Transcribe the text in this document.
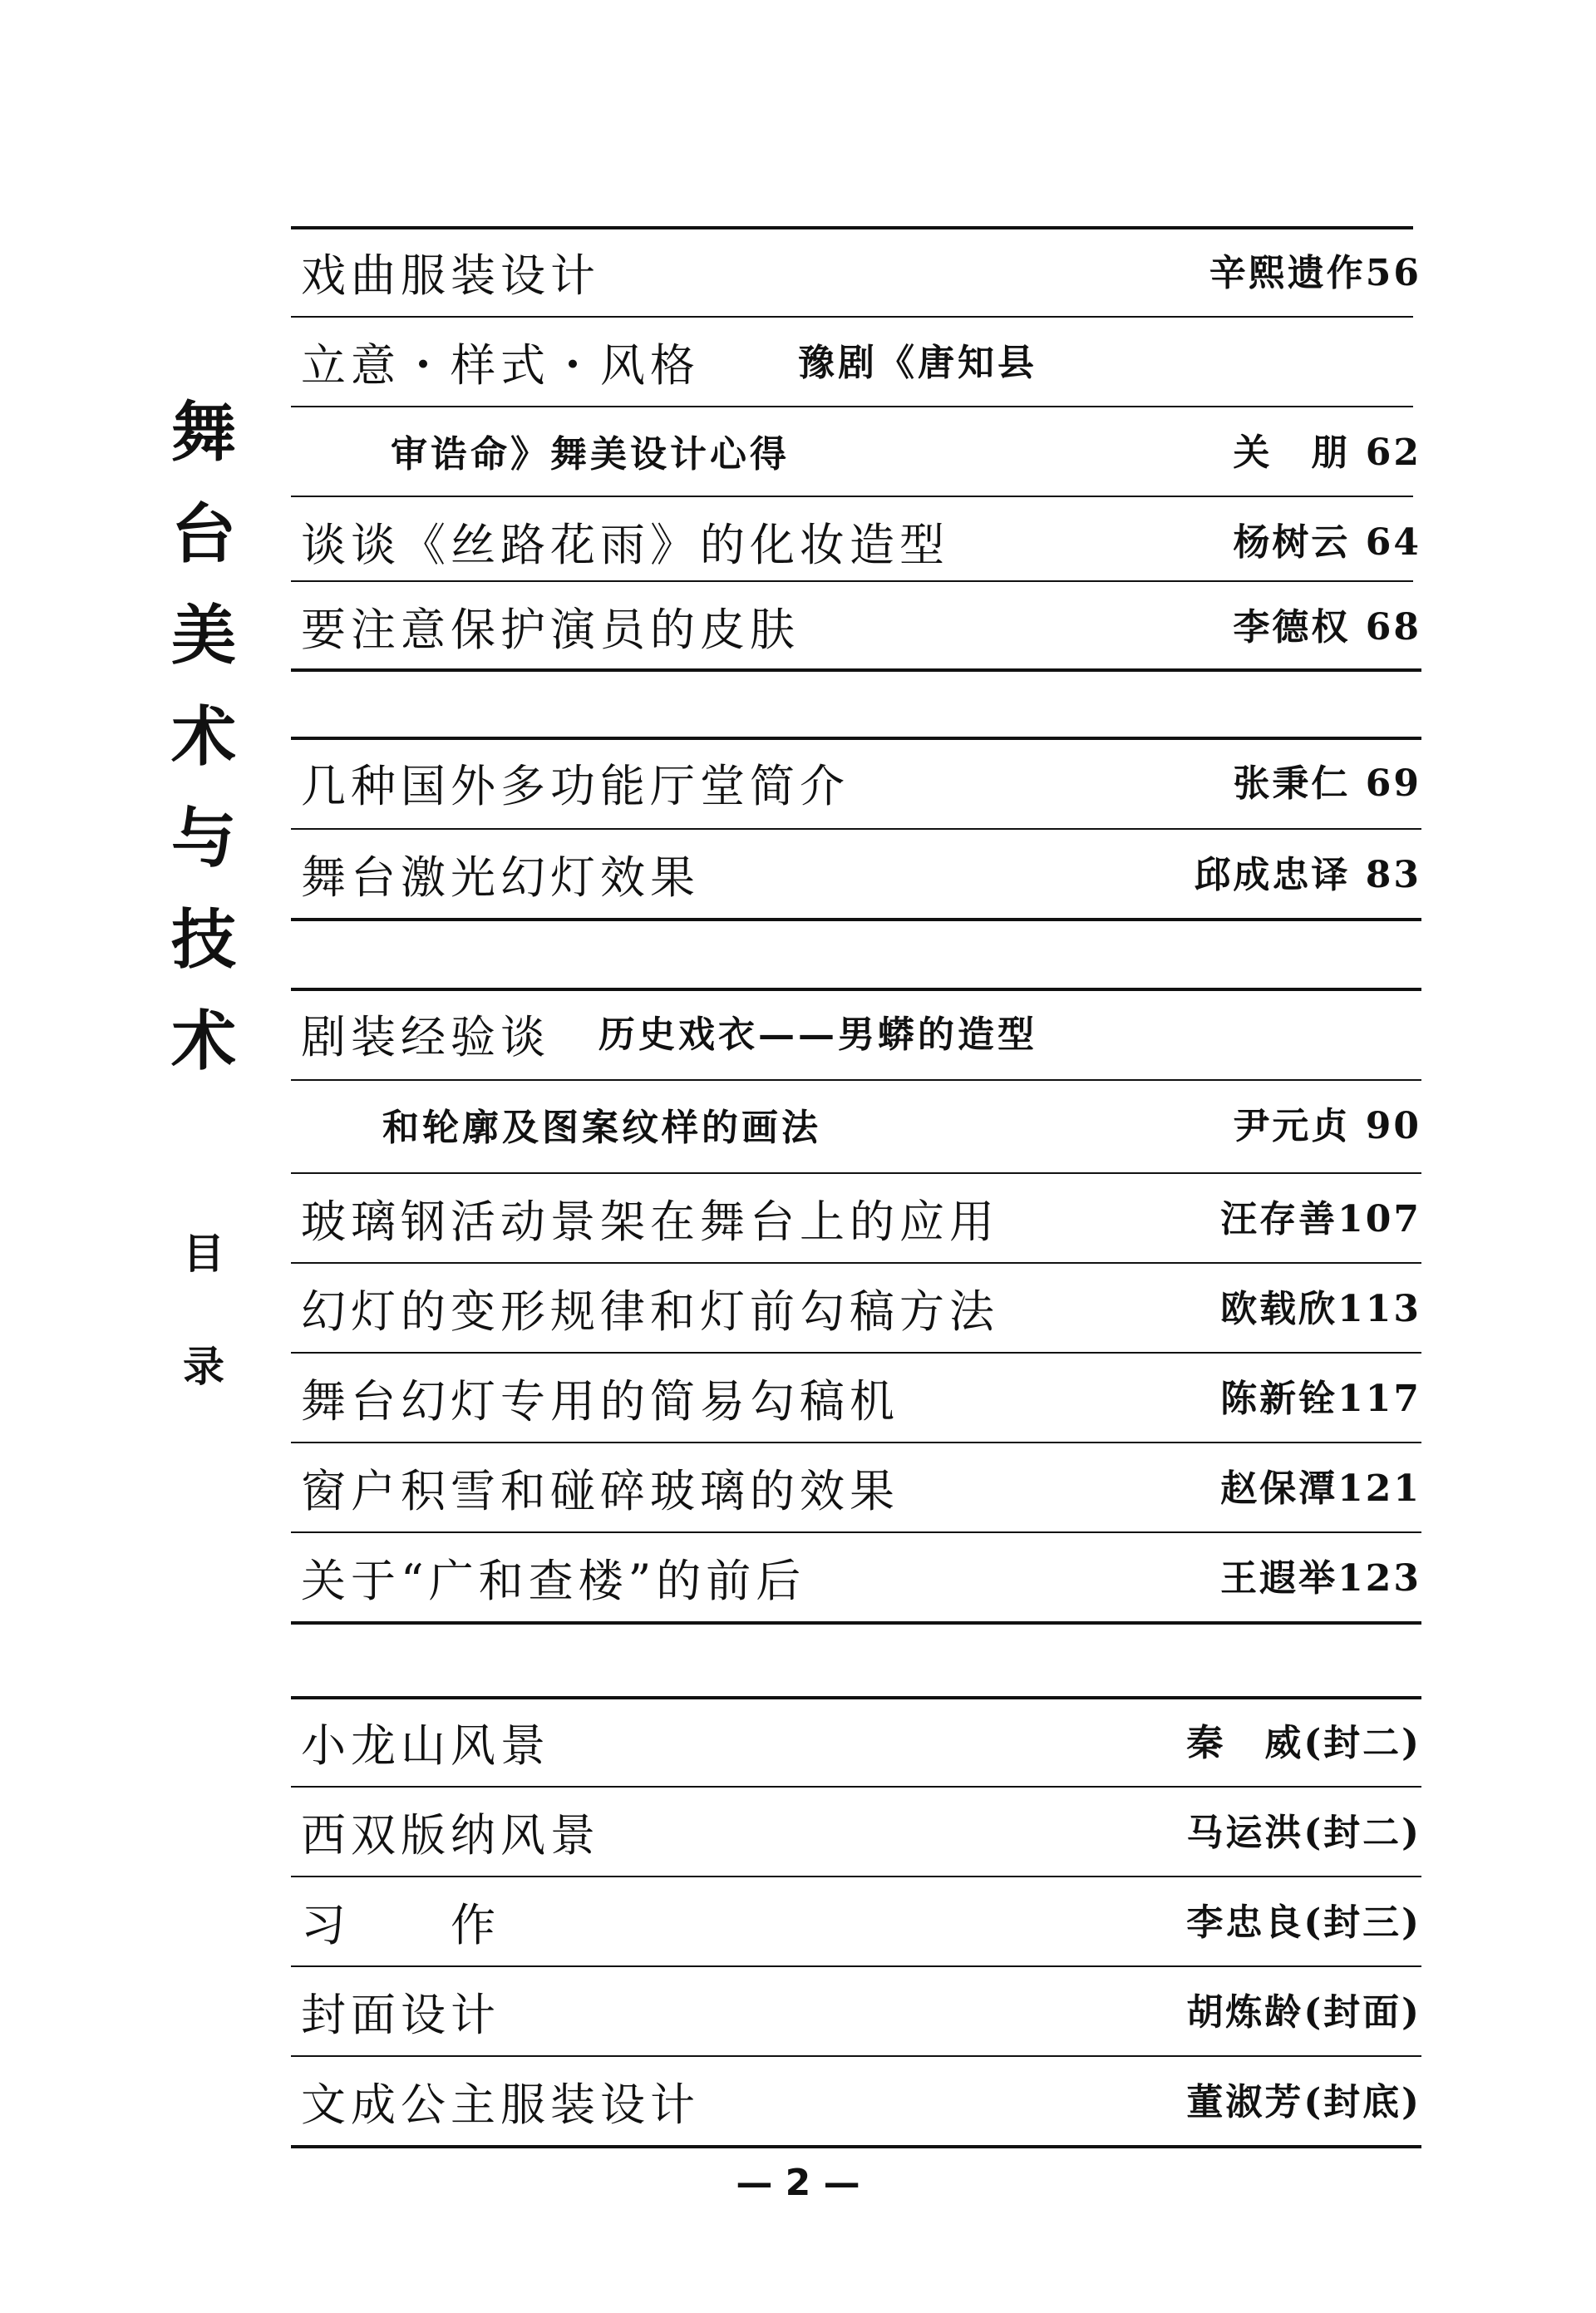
舞
台
美
术
与
技
术
目
录
戏曲服装设计	辛熙遗作56
立意・样式・风格	豫剧《唐知县
审诰命》舞美设计心得	关　朋 62
谈谈《丝路花雨》的化妆造型	杨树云 64
要注意保护演员的皮肤	李德权 68
几种国外多功能厅堂简介	张秉仁 69
舞台激光幻灯效果	邱成忠译 83
剧装经验谈 历史戏衣——男蟒的造型
和轮廓及图案纹样的画法	尹元贞 90
玻璃钢活动景架在舞台上的应用	汪存善107
幻灯的变形规律和灯前勾稿方法	欧载欣113
舞台幻灯专用的简易勾稿机	陈新铨117
窗户积雪和碰碎玻璃的效果	赵保潭121
关于“广和查楼”的前后	王遐举123
小龙山风景	秦　威(封二)
西双版纳风景	马运洪(封二)
习　　作	李忠良(封三)
封面设计	胡炼龄(封面)
文成公主服装设计	董淑芳(封底)
— 2 —
